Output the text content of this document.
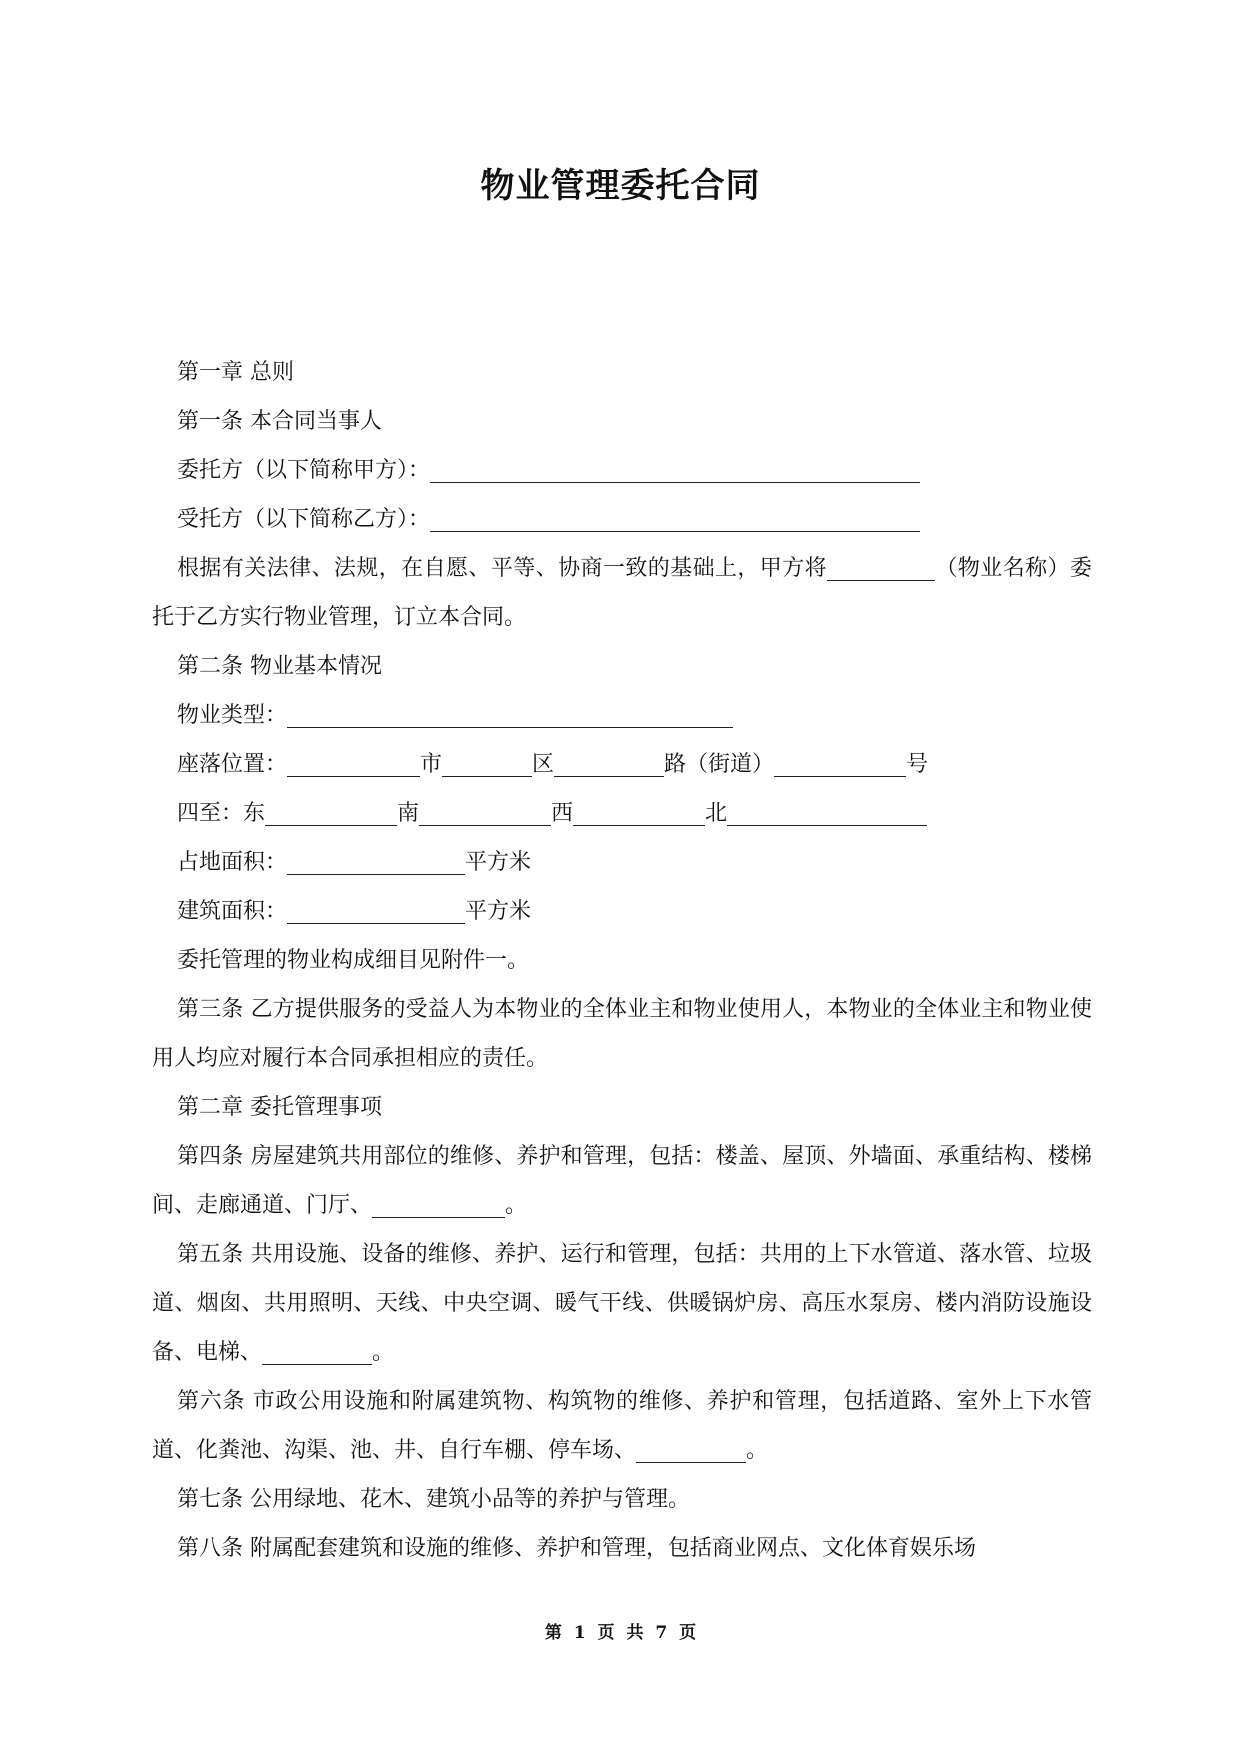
物业管理委托合同

第一章 总则

第一条 本合同当事人

委托方（以下简称甲方）：

受托方（以下简称乙方）：

根据有关法律、法规，在自愿、平等、协商一致的基础上，甲方将	（物业名称）委托于乙方实行物业管理，订立本合同。

第二条 物业基本情况

物业类型：

座落位置：	市	区	路（街道）	号

四至：东	南	西	北

占地面积：	平方米

建筑面积：	平方米

委托管理的物业构成细目见附件一。

第三条 乙方提供服务的受益人为本物业的全体业主和物业使用人，本物业的全体业主和物业使用人均应对履行本合同承担相应的责任。

第二章 委托管理事项

第四条 房屋建筑共用部位的维修、养护和管理，包括：楼盖、屋顶、外墙面、承重结构、楼梯间、走廊通道、门厅、	。

第五条 共用设施、设备的维修、养护、运行和管理，包括：共用的上下水管道、落水管、垃圾道、烟囱、共用照明、天线、中央空调、暖气干线、供暖锅炉房、高压水泵房、楼内消防设施设备、电梯、	。

第六条 市政公用设施和附属建筑物、构筑物的维修、养护和管理，包括道路、室外上下水管道、化粪池、沟渠、池、井、自行车棚、停车场、	。

第七条 公用绿地、花木、建筑小品等的养护与管理。

第八条 附属配套建筑和设施的维修、养护和管理，包括商业网点、文化体育娱乐场

第 1 页 共 7 页
